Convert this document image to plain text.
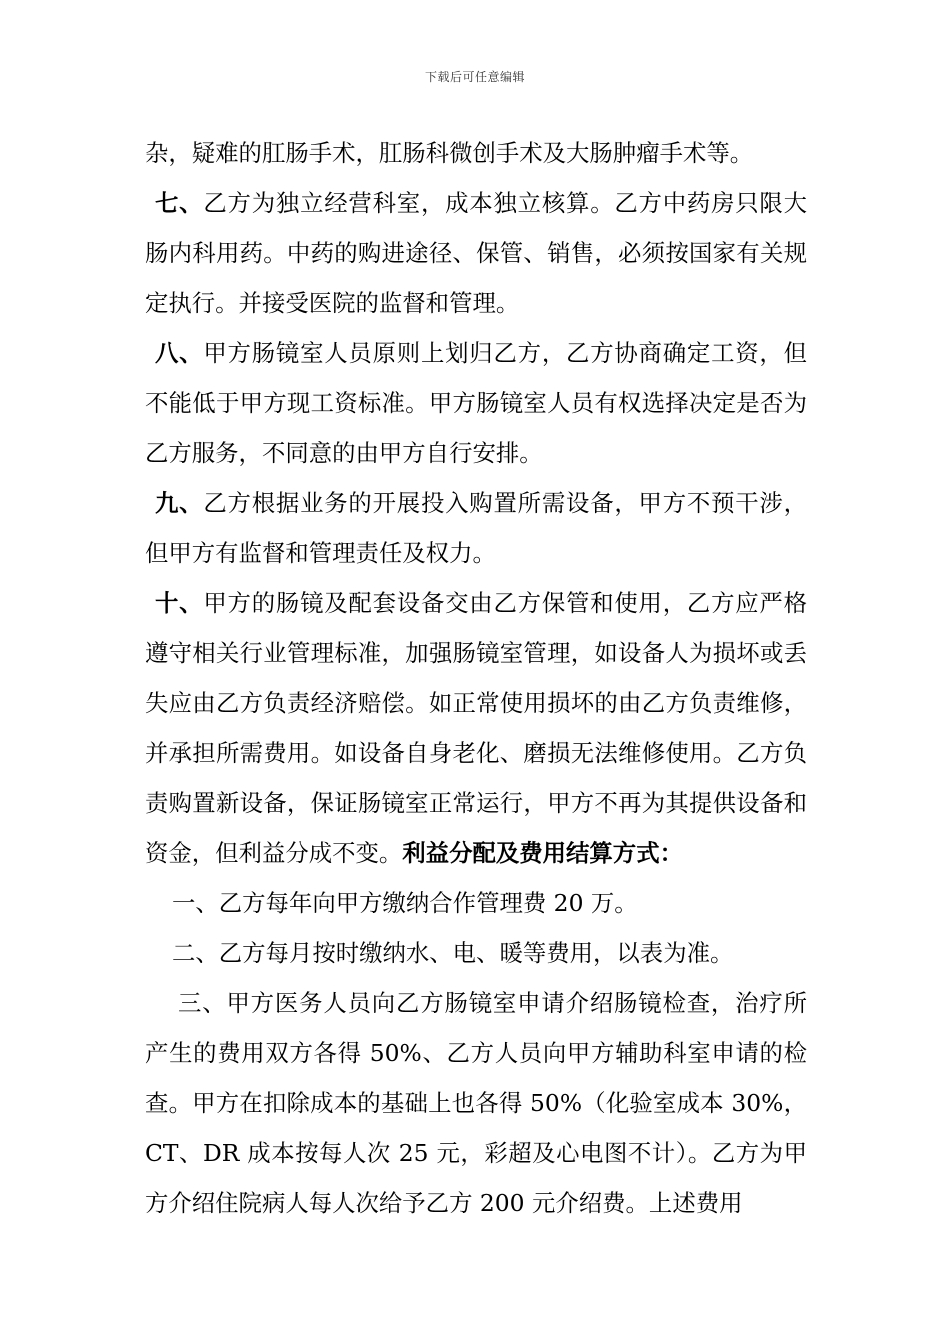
下载后可任意编辑

杂，疑难的肛肠手术，肛肠科微创手术及大肠肿瘤手术等。

七、乙方为独立经营科室，成本独立核算。乙方中药房只限大肠内科用药。中药的购进途径、保管、销售，必须按国家有关规定执行。并接受医院的监督和管理。

八、甲方肠镜室人员原则上划归乙方，乙方协商确定工资，但不能低于甲方现工资标准。甲方肠镜室人员有权选择决定是否为乙方服务，不同意的由甲方自行安排。

九、乙方根据业务的开展投入购置所需设备，甲方不预干涉，但甲方有监督和管理责任及权力。

十、甲方的肠镜及配套设备交由乙方保管和使用，乙方应严格遵守相关行业管理标准，加强肠镜室管理，如设备人为损坏或丢失应由乙方负责经济赔偿。如正常使用损坏的由乙方负责维修，并承担所需费用。如设备自身老化、磨损无法维修使用。乙方负责购置新设备，保证肠镜室正常运行，甲方不再为其提供设备和资金，但利益分成不变。利益分配及费用结算方式：

一、乙方每年向甲方缴纳合作管理费 20 万。

二、乙方每月按时缴纳水、电、暖等费用，以表为准。

三、甲方医务人员向乙方肠镜室申请介绍肠镜检查，治疗所产生的费用双方各得 50%、乙方人员向甲方辅助科室申请的检查。甲方在扣除成本的基础上也各得 50%（化验室成本 30%，CT、DR 成本按每人次 25 元，彩超及心电图不计）。乙方为甲方介绍住院病人每人次给予乙方 200 元介绍费。上述费用
